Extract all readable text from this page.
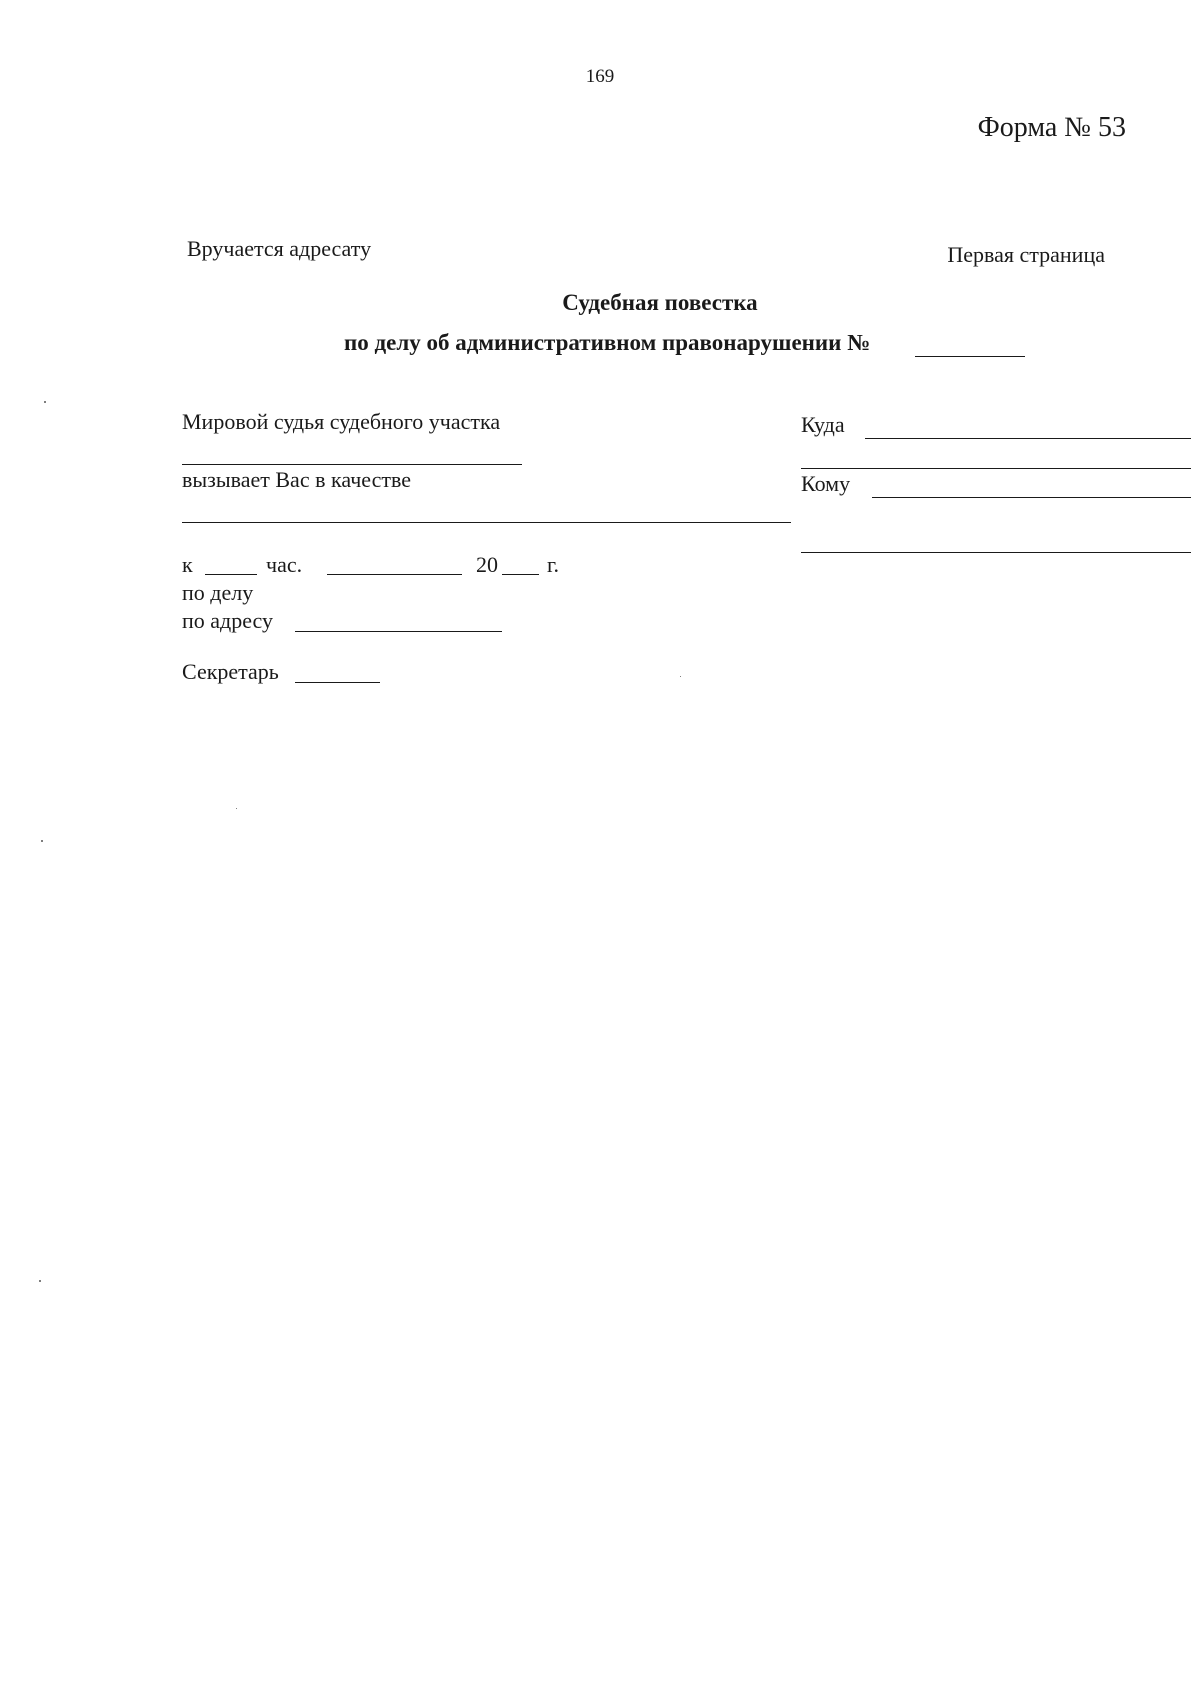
169
Форма № 53
Вручается адресату	Первая страница
Судебная повестка
по делу об административном правонарушении №
Мировой судья судебного участка
вызывает Вас в качестве
к	час.	20 г.
по делу
по адресу
Секретарь
Куда
Кому
